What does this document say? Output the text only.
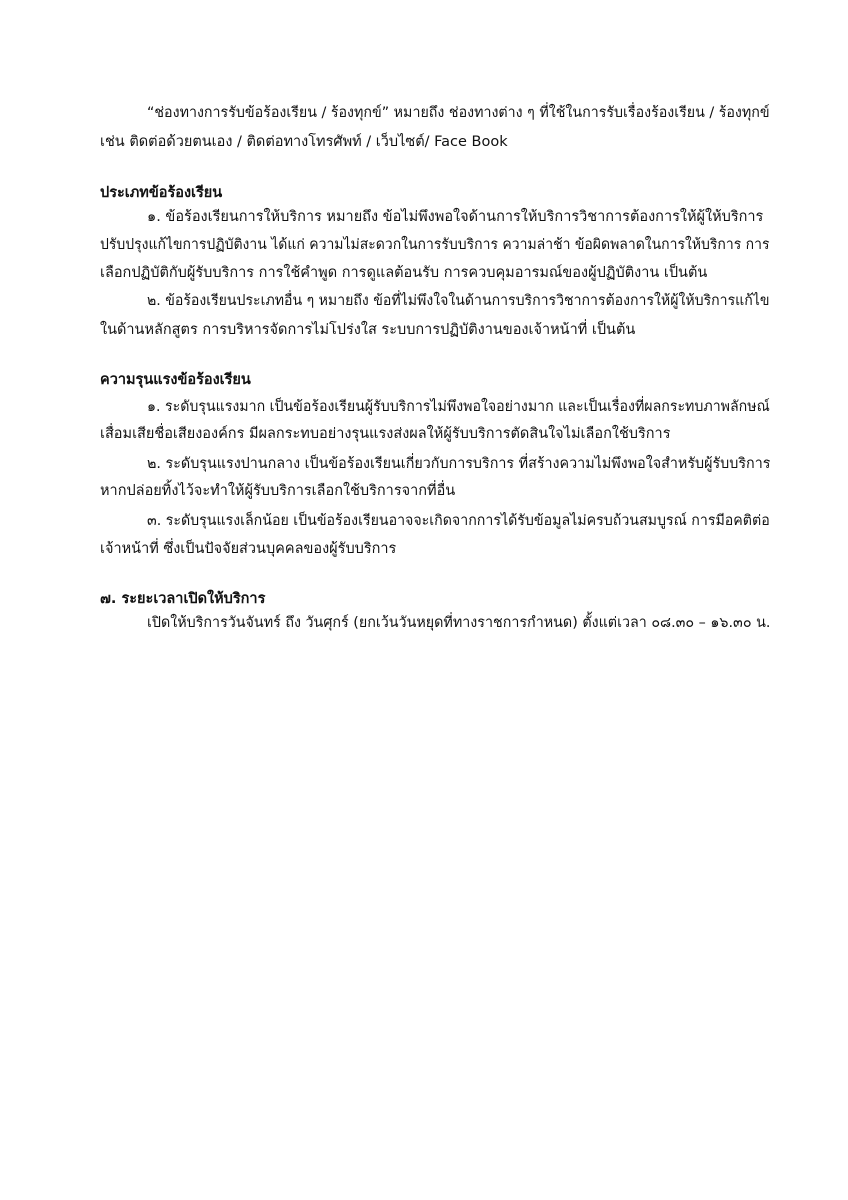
“ช่องทางการรับข้อร้องเรียน / ร้องทุกข์” หมายถึง ช่องทางต่าง ๆ ที่ใช้ในการรับเรื่องร้องเรียน / ร้องทุกข์
เช่น ติดต่อด้วยตนเอง / ติดต่อทางโทรศัพท์ / เว็บไซต์/ Face Book
ประเภทข้อร้องเรียน
๑. ข้อร้องเรียนการให้บริการ หมายถึง ข้อไม่พึงพอใจด้านการให้บริการวิชาการต้องการให้ผู้ให้บริการ
ปรับปรุงแก้ไขการปฏิบัติงาน ได้แก่ ความไม่สะดวกในการรับบริการ ความล่าช้า ข้อผิดพลาดในการให้บริการ การ
เลือกปฏิบัติกับผู้รับบริการ การใช้คำพูด การดูแลต้อนรับ การควบคุมอารมณ์ของผู้ปฏิบัติงาน เป็นต้น
๒. ข้อร้องเรียนประเภทอื่น ๆ หมายถึง ข้อที่ไม่พึงใจในด้านการบริการวิชาการต้องการให้ผู้ให้บริการแก้ไข
ในด้านหลักสูตร การบริหารจัดการไม่โปร่งใส ระบบการปฏิบัติงานของเจ้าหน้าที่ เป็นต้น
ความรุนแรงข้อร้องเรียน
๑. ระดับรุนแรงมาก เป็นข้อร้องเรียนผู้รับบริการไม่พึงพอใจอย่างมาก และเป็นเรื่องที่ผลกระทบภาพลักษณ์
เสื่อมเสียชื่อเสียงองค์กร มีผลกระทบอย่างรุนแรงส่งผลให้ผู้รับบริการตัดสินใจไม่เลือกใช้บริการ
๒. ระดับรุนแรงปานกลาง เป็นข้อร้องเรียนเกี่ยวกับการบริการ ที่สร้างความไม่พึงพอใจสำหรับผู้รับบริการ
หากปล่อยทิ้งไว้จะทำให้ผู้รับบริการเลือกใช้บริการจากที่อื่น
๓. ระดับรุนแรงเล็กน้อย เป็นข้อร้องเรียนอาจจะเกิดจากการได้รับข้อมูลไม่ครบถ้วนสมบูรณ์ การมีอคติต่อ
เจ้าหน้าที่ ซึ่งเป็นปัจจัยส่วนบุคคลของผู้รับบริการ
๗. ระยะเวลาเปิดให้บริการ
เปิดให้บริการวันจันทร์ ถึง วันศุกร์ (ยกเว้นวันหยุดที่ทางราชการกำหนด) ตั้งแต่เวลา ๐๘.๓๐ – ๑๖.๓๐ น.
